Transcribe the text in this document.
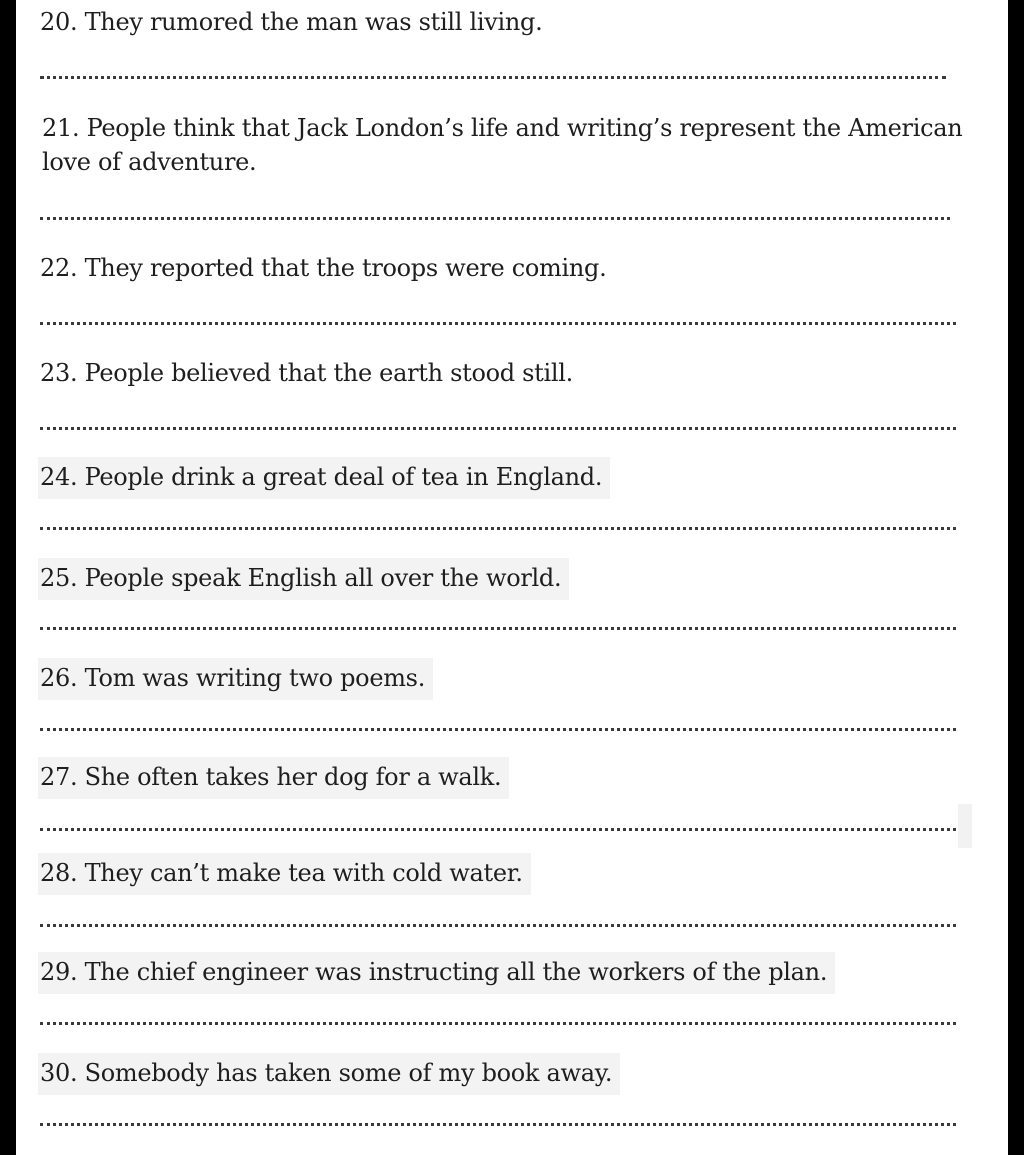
20. They rumored the man was still living.
21. People think that Jack London’s life and writing’s represent the American love of adventure.
22. They reported that the troops were coming.
23. People believed that the earth stood still.
24. People drink a great deal of tea in England.
25. People speak English all over the world.
26. Tom was writing two poems.
27. She often takes her dog for a walk.
28. They can’t make tea with cold water.
29. The chief engineer was instructing all the workers of the plan.
30. Somebody has taken some of my book away.
